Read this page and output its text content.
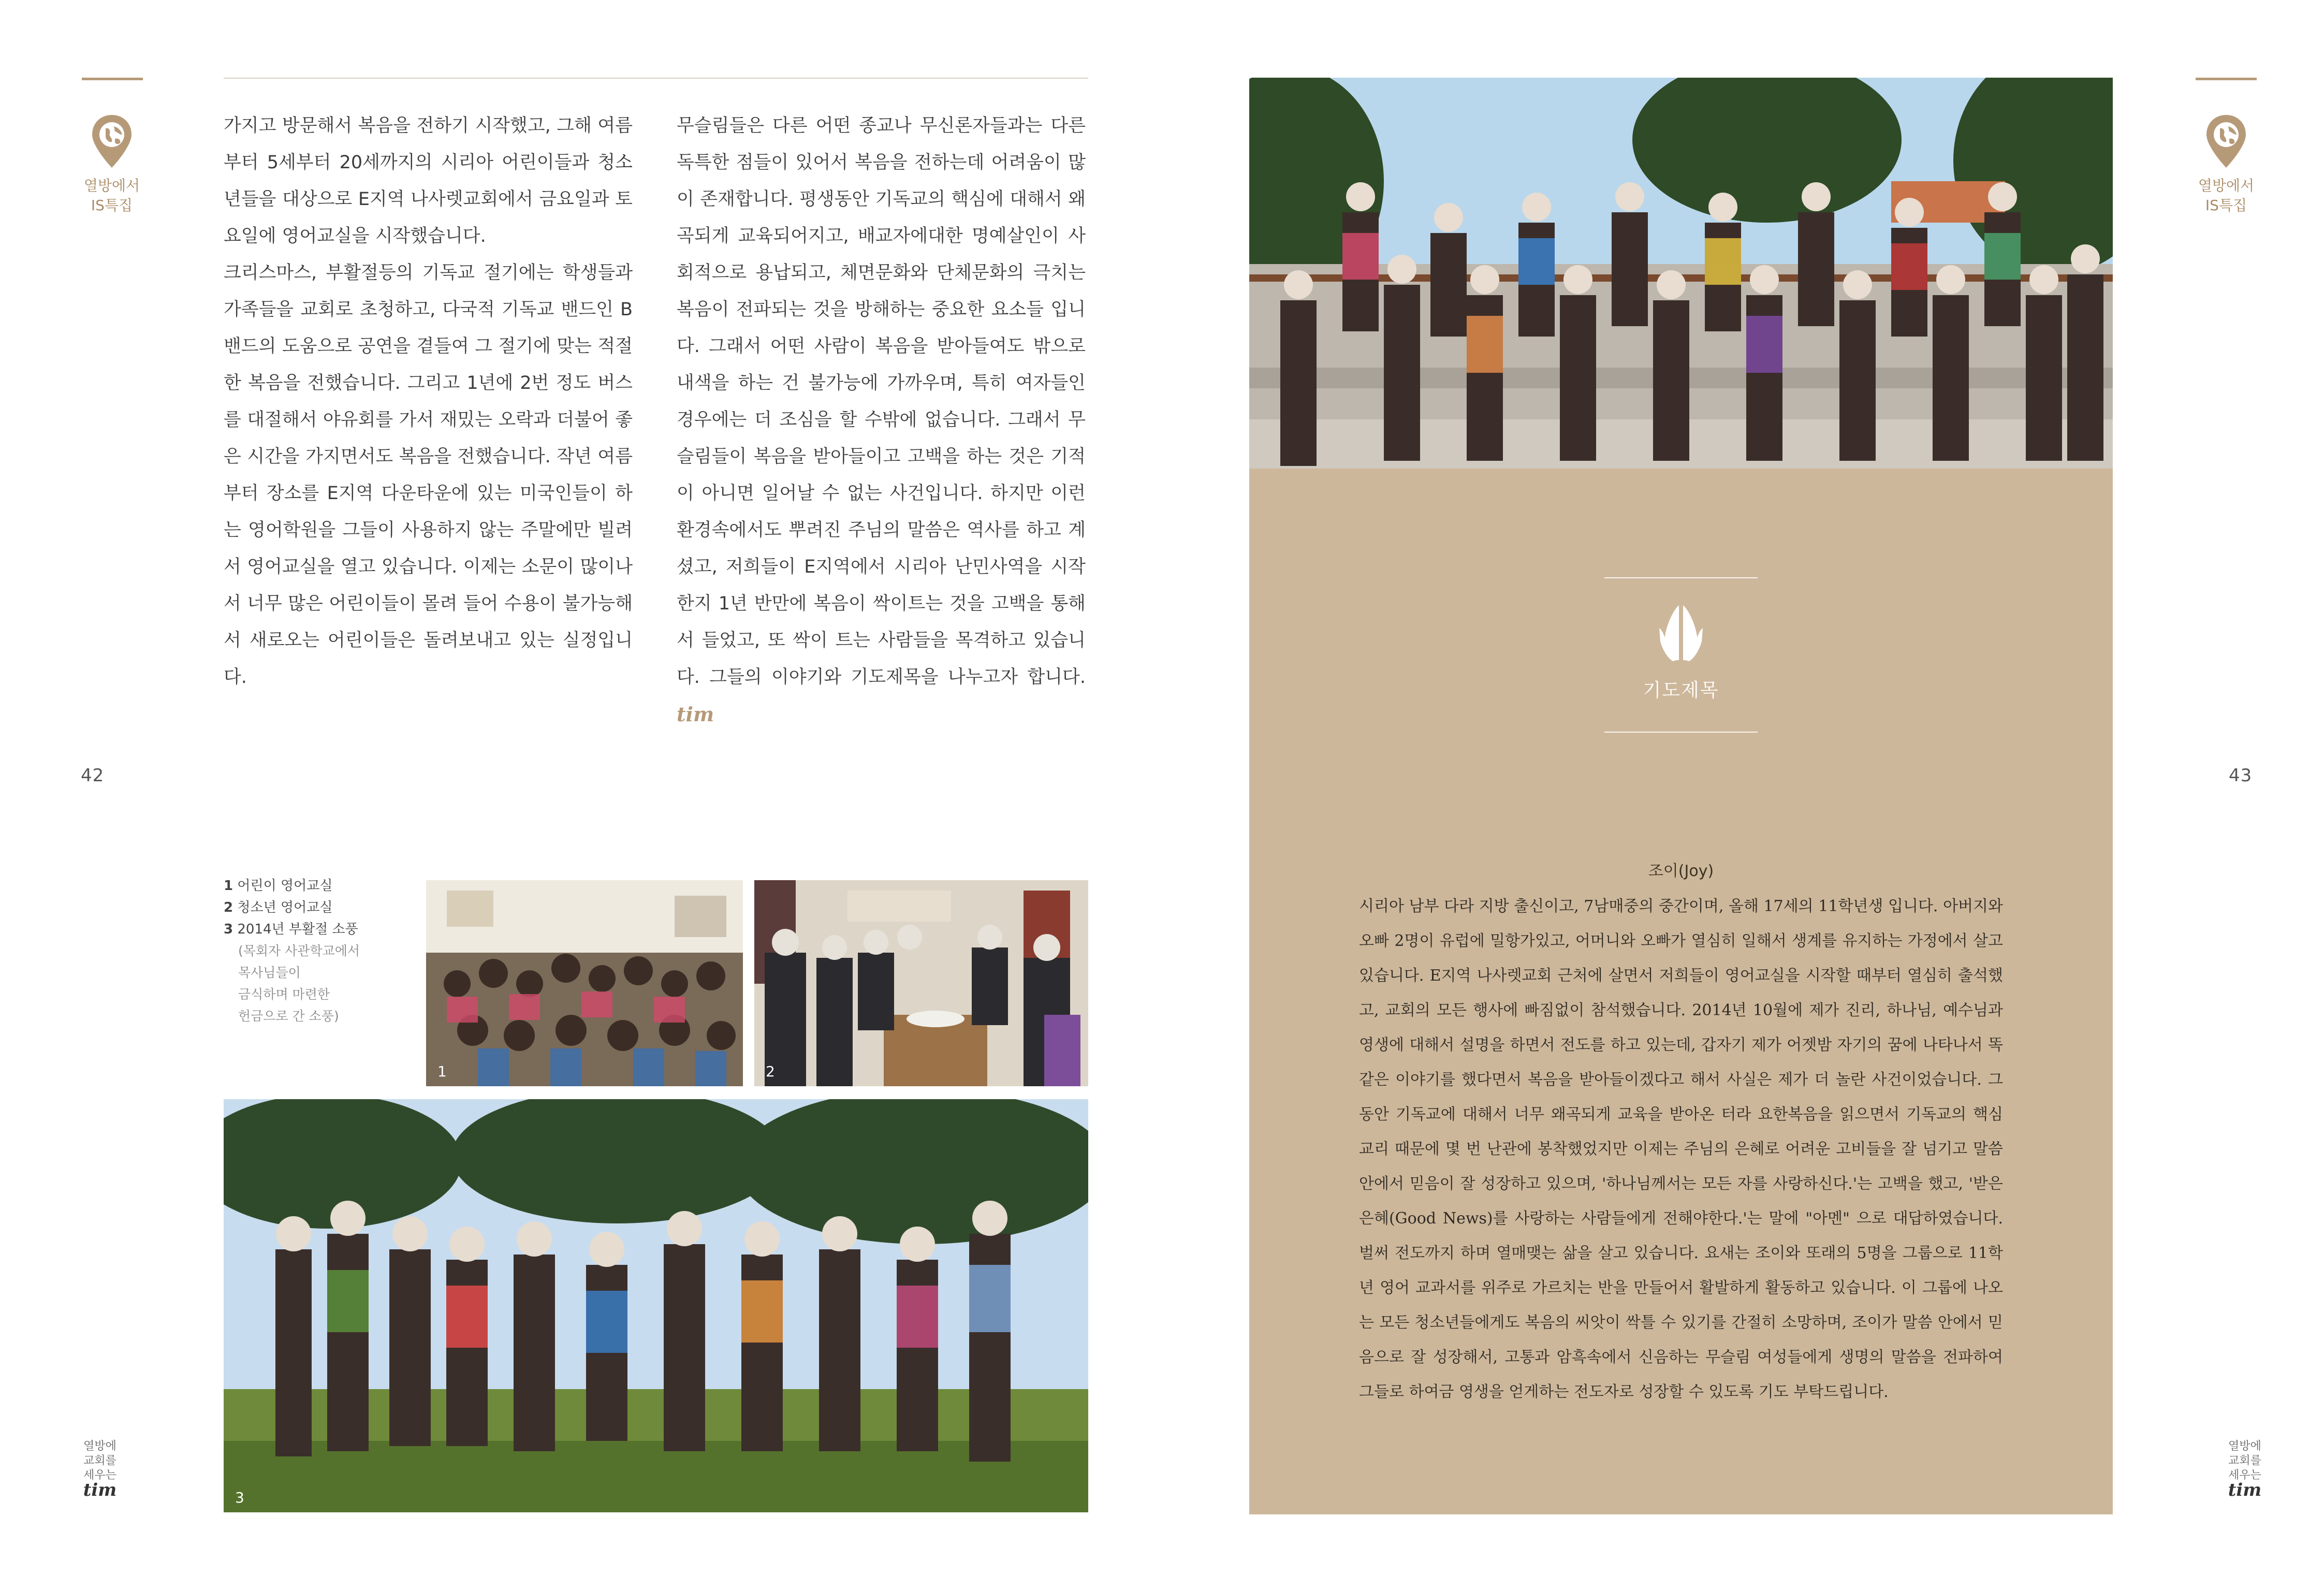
열방에서
IS특집
42
열방에
교회를
세우는
tim

가지고 방문해서 복음을 전하기 시작했고, 그해 여름부터 5세부터 20세까지의 시리아 어린이들과 청소년들을 대상으로 E지역 나사렛교회에서 금요일과 토요일에 영어교실을 시작했습니다.

크리스마스, 부활절등의 기독교 절기에는 학생들과 가족들을 교회로 초청하고, 다국적 기독교 밴드인 B밴드의 도움으로 공연을 곁들여 그 절기에 맞는 적절한 복음을 전했습니다. 그리고 1년에 2번 정도 버스를 대절해서 야유회를 가서 재밌는 오락과 더불어 좋은 시간을 가지면서도 복음을 전했습니다. 작년 여름 부터 장소를 E지역 다운타운에 있는 미국인들이 하는 영어학원을 그들이 사용하지 않는 주말에만 빌려서 영어교실을 열고 있습니다. 이제는 소문이 많이나서 너무 많은 어린이들이 몰려 들어 수용이 불가능해서 새로오는 어린이들은 돌려보내고 있는 실정입니다.

무슬림들은 다른 어떤 종교나 무신론자들과는 다른 독특한 점들이 있어서 복음을 전하는데 어려움이 많이 존재합니다. 평생동안 기독교의 핵심에 대해서 왜곡되게 교육되어지고, 배교자에대한 명예살인이 사회적으로 용납되고, 체면문화와 단체문화의 극치는 복음이 전파되는 것을 방해하는 중요한 요소들 입니다. 그래서 어떤 사람이 복음을 받아들여도 밖으로 내색을 하는 건 불가능에 가까우며, 특히 여자들인 경우에는 더 조심을 할 수밖에 없습니다. 그래서 무슬림들이 복음을 받아들이고 고백을 하는 것은 기적이 아니면 일어날 수 없는 사건입니다. 하지만 이런 환경속에서도 뿌려진 주님의 말씀은 역사를 하고 계셨고, 저희들이 E지역에서 시리아 난민사역을 시작한지 1년 반만에 복음이 싹이트는 것을 고백을 통해서 들었고, 또 싹이 트는 사람들을 목격하고 있습니다. 그들의 이야기와 기도제목을 나누고자 합니다. tim

1 어린이 영어교실
2 청소년 영어교실
3 2014년 부활절 소풍
(목회자 사관학교에서
목사님들이
금식하며 마련한
헌금으로 간 소풍)
1	2
3
열방에서
IS특집
43
열방에
교회를
세우는
tim
기도제목
조이(Joy)
시리아 남부 다라 지방 출신이고, 7남매중의 중간이며, 올해 17세의 11학년생 입니다. 아버지와 오빠 2명이 유럽에 밀항가있고, 어머니와 오빠가 열심히 일해서 생계를 유지하는 가정에서 살고 있습니다. E지역 나사렛교회 근처에 살면서 저희들이 영어교실을 시작할 때부터 열심히 출석했고, 교회의 모든 행사에 빠짐없이 참석했습니다. 2014년 10월에 제가 진리, 하나님, 예수님과 영생에 대해서 설명을 하면서 전도를 하고 있는데, 갑자기 제가 어젯밤 자기의 꿈에 나타나서 똑같은 이야기를 했다면서 복음을 받아들이겠다고 해서 사실은 제가 더 놀란 사건이었습니다. 그동안 기독교에 대해서 너무 왜곡되게 교육을 받아온 터라 요한복음을 읽으면서 기독교의 핵심 교리 때문에 몇 번 난관에 봉착했었지만 이제는 주님의 은혜로 어려운 고비들을 잘 넘기고 말씀 안에서 믿음이 잘 성장하고 있으며, '하나님께서는 모든 자를 사랑하신다.'는 고백을 했고, '받은 은혜(Good News)를 사랑하는 사람들에게 전해야한다.'는 말에 "아멘" 으로 대답하였습니다. 벌써 전도까지 하며 열매맺는 삶을 살고 있습니다. 요새는 조이와 또래의 5명을 그룹으로 11학년 영어 교과서를 위주로 가르치는 반을 만들어서 활발하게 활동하고 있습니다. 이 그룹에 나오는 모든 청소년들에게도 복음의 씨앗이 싹틀 수 있기를 간절히 소망하며, 조이가 말씀 안에서 믿음으로 잘 성장해서, 고통과 암흑속에서 신음하는 무슬림 여성들에게 생명의 말씀을 전파하여 그들로 하여금 영생을 얻게하는 전도자로 성장할 수 있도록 기도 부탁드립니다.
